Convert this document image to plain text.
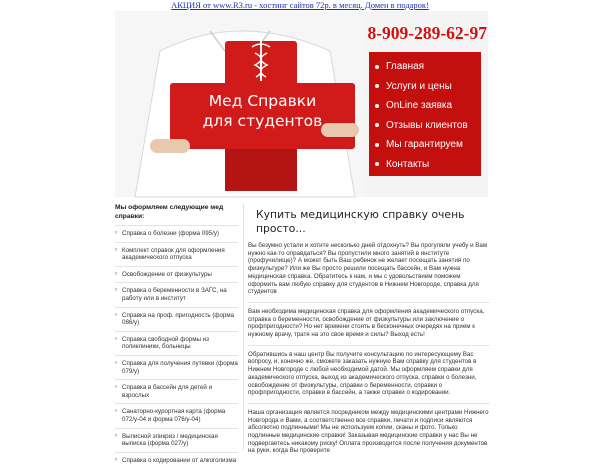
АКЦИЯ от www.R3.ru - хостинг сайтов 72р. в месяц. Домен в подарок!
Мед Справки
для студентов
8-909-289-62-97
Главная
Услуги и цены
OnLine заявка
Отзывы клиентов
Мы гарантируем
Контакты
Мы оформляем следующие мед справки:
› Справка о болезни (форма 095/у)
› Комплект справок для оформления академического отпуска
› Освобождение от физкультуры
› Справка о беременности в ЗАГС, на работу или в институт
› Справка на проф. пригодность (форма 086/у)
› Справка свободной формы из поликлиники, больницы
› Справка для получения путевки (форма 079/у)
› Справка в бассейн для детей и взрослых
› Санаторно-курортная карта (форма 072/у-04 и форма 076/у-04)
› Выписной эпикриз / медицинская выписка (форма 027/у)
› Справка о кодировании от алкоголизма
Купить медицинскую справку очень просто...

Вы безумно устали и хотите несколько дней отдохнуть? Вы прогуляли учебу и Вам нужно как-то оправдаться? Вы пропустили много занятий в институте (профучилище)? А может быть Ваш ребенок не желает посещать занятия по физкультуре? Или же Вы просто решили посещать бассейн, и Вам нужна медицинская справка. Обратитесь к нам, и мы с удовольствием поможем оформить вам любую справку для студентов в Нижнем Новгороде, справка для студентов

Вам необходима медицинская справка для оформления академического отпуска, справка о беременности, освобождение от физкультуры или заключение о профпригодности? Но нет времени стоять в бесконечных очередях на прием к нужному врачу, тратя на это свое время и силы? Выход есть!

Обратившись в наш центр Вы получите консультацию по интересующему Вас вопросу, и, конечно же, сможете заказать нужную Вам справку для студентов в Нижнем Новгороде с любой необходимой датой. Мы оформляем справки для академического отпуска, выход из академического отпуска, справки о болезни, освобождение от физкультуры, справки о беременности, справки о профпригодности, справки в бассейн, а также справки о кодировании.

Наша организация является посредником между медицинскими центрами Нижнего Новгорода и Вами, а соответственно все справки, печати и подписи являются абсолютно подлинными! Мы не используем копии, сканы и фото. Только подлинные медицинские справки! Заказывая медицинские справки у нас Вы не подвергаетесь никакому риску! Оплата производится после получения документов на руки, когда Вы проверите
